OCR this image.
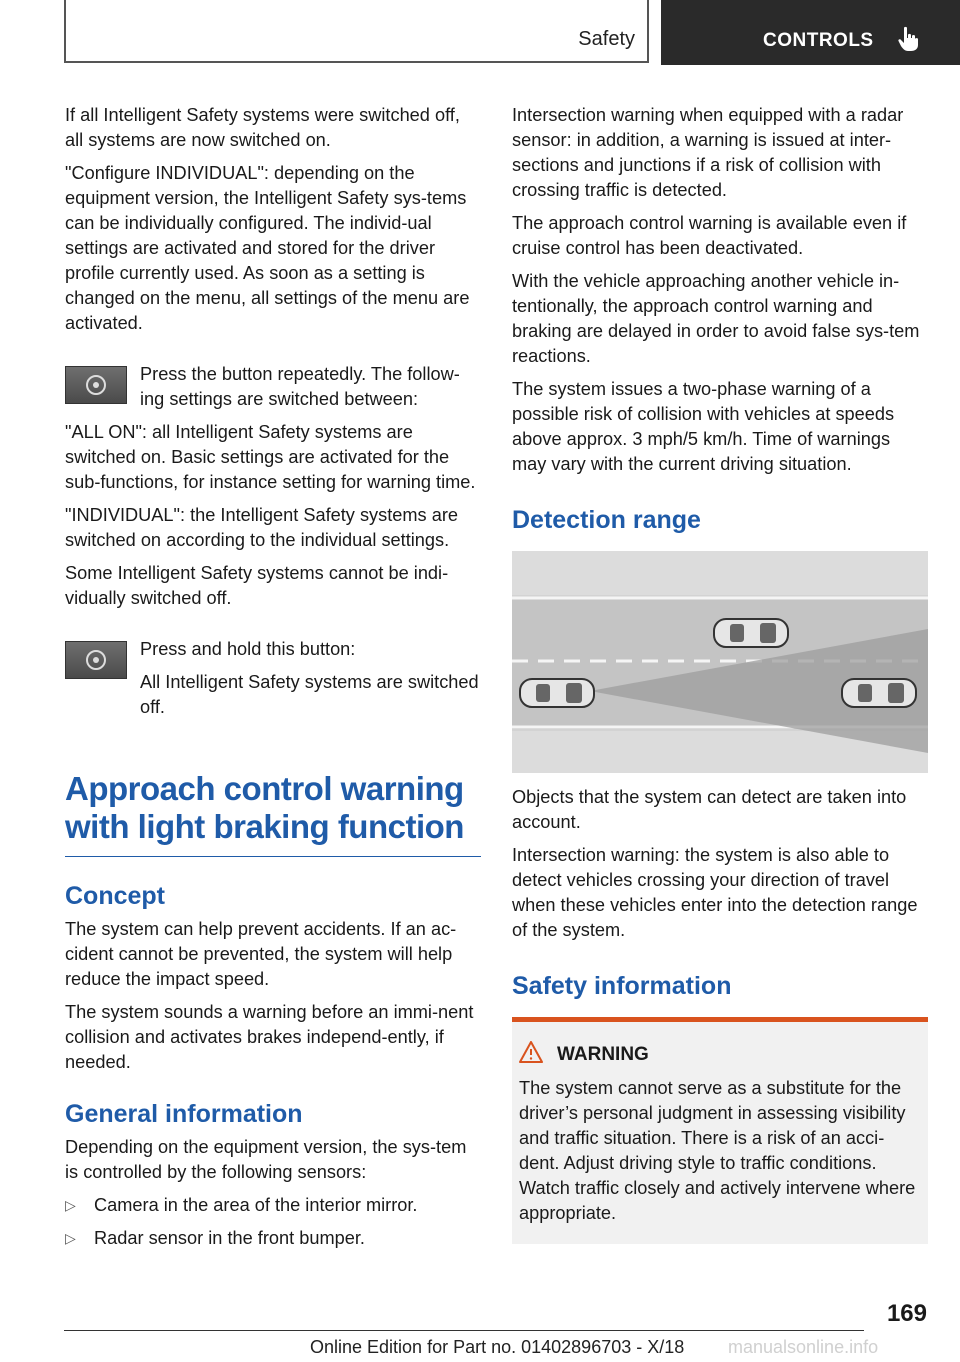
Safety	CONTROLS

If all Intelligent Safety systems were switched off, all systems are now switched on.

"Configure INDIVIDUAL": depending on the equipment version, the Intelligent Safety sys-tems can be individually configured. The individ-ual settings are activated and stored for the driver profile currently used. As soon as a setting is changed on the menu, all settings of the menu are activated.

Press the button repeatedly. The follow-ing settings are switched between:

"ALL ON": all Intelligent Safety systems are switched on. Basic settings are activated for the sub-functions, for instance setting for warning time.

"INDIVIDUAL": the Intelligent Safety systems are switched on according to the individual settings.

Some Intelligent Safety systems cannot be indi-vidually switched off.

Press and hold this button:

All Intelligent Safety systems are switched off.

Approach control warning with light braking function
Concept

The system can help prevent accidents. If an ac-cident cannot be prevented, the system will help reduce the impact speed.

The system sounds a warning before an immi-nent collision and activates brakes independ-ently, if needed.

General information

Depending on the equipment version, the sys-tem is controlled by the following sensors:

▷ Camera in the area of the interior mirror.
▷ Radar sensor in the front bumper.

Intersection warning when equipped with a radar sensor: in addition, a warning is issued at inter-sections and junctions if a risk of collision with crossing traffic is detected.

The approach control warning is available even if cruise control has been deactivated.

With the vehicle approaching another vehicle in-tentionally, the approach control warning and braking are delayed in order to avoid false sys-tem reactions.

The system issues a two-phase warning of a possible risk of collision with vehicles at speeds above approx. 3 mph/5 km/h. Time of warnings may vary with the current driving situation.

Detection range

Objects that the system can detect are taken into account.

Intersection warning: the system is also able to detect vehicles crossing your direction of travel when these vehicles enter into the detection range of the system.

Safety information
WARNING

The system cannot serve as a substitute for the driver’s personal judgment in assessing visibility and traffic situation. There is a risk of an acci-dent. Adjust driving style to traffic conditions. Watch traffic closely and actively intervene where appropriate.

169
Online Edition for Part no. 01402896703 - X/18 manualsonline.info
